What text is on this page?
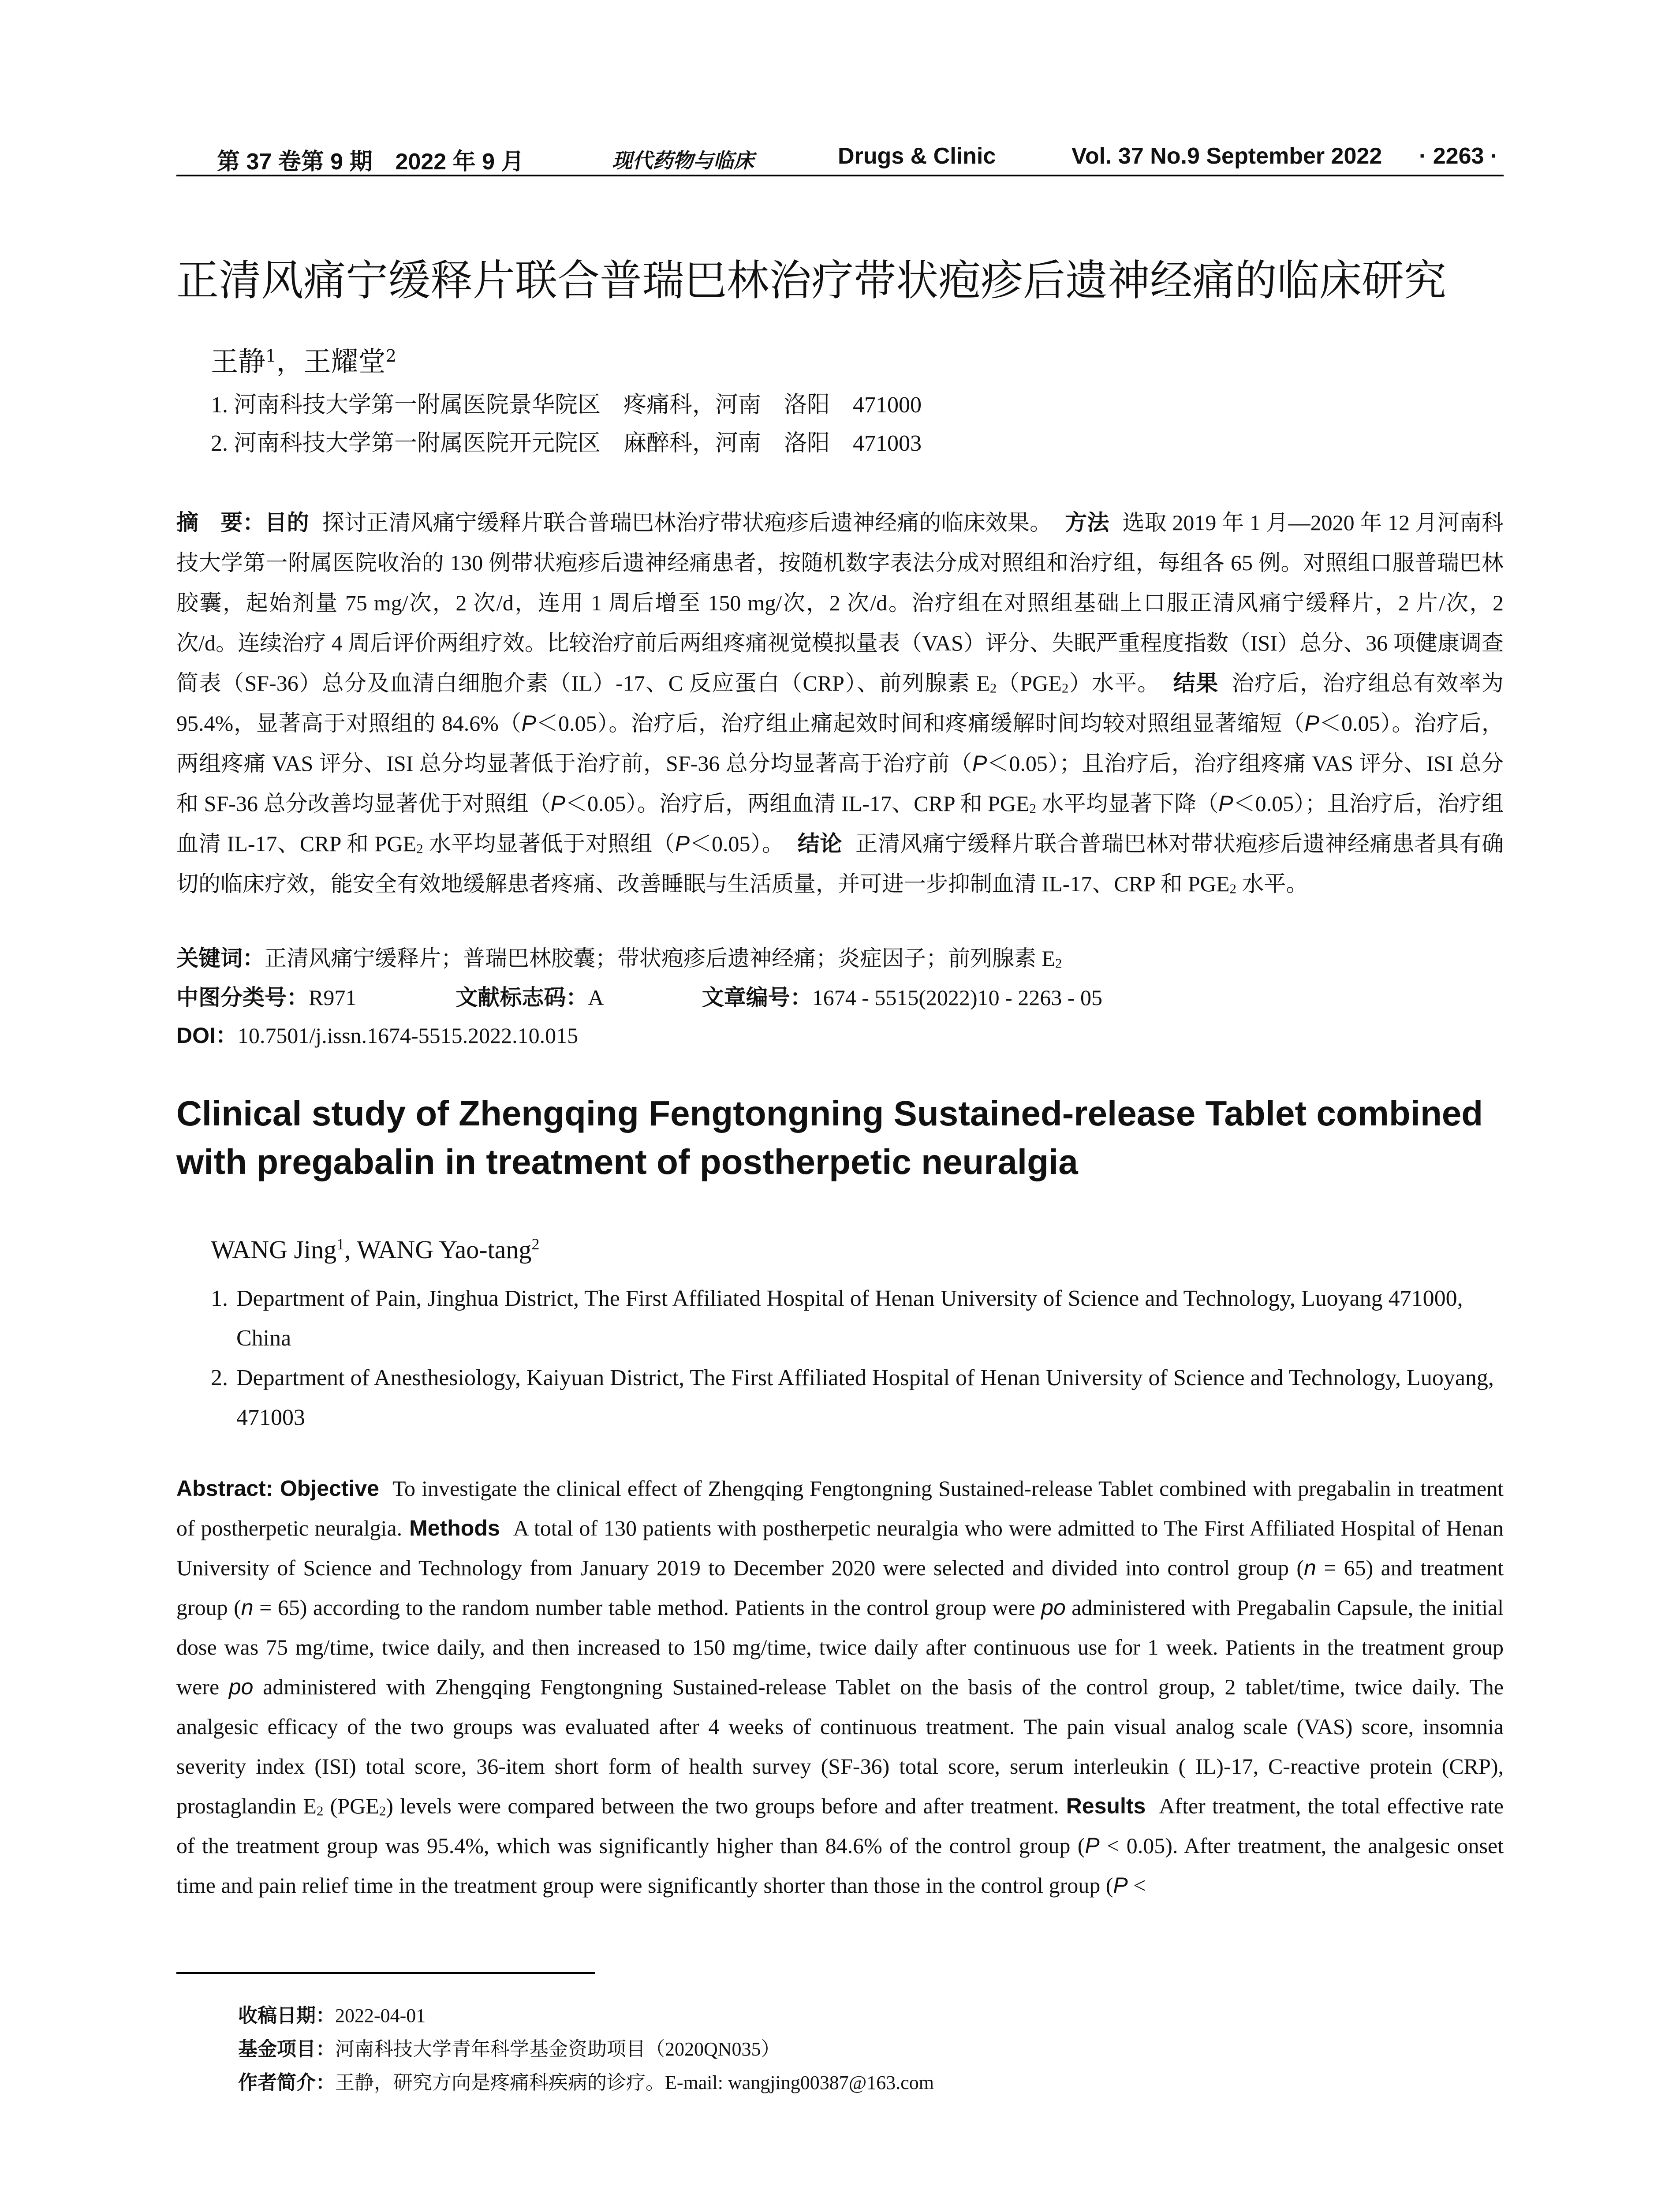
第 37 卷第 9 期　2022 年 9 月	现代药物与临床	Drugs & Clinic	Vol. 37 No.9 September 2022 · 2263 ·
正清风痛宁缓释片联合普瑞巴林治疗带状疱疹后遗神经痛的临床研究
王静$^1$，王耀堂$^2$
1. 河南科技大学第一附属医院景华院区　疼痛科，河南　洛阳　471000
2. 河南科技大学第一附属医院开元院区　麻醉科，河南　洛阳　471003
摘　要：目的 探讨正清风痛宁缓释片联合普瑞巴林治疗带状疱疹后遗神经痛的临床效果。 方法 选取 2019 年 1 月—2020 年 12 月河南科技大学第一附属医院收治的 130 例带状疱疹后遗神经痛患者，按随机数字表法分成对照组和治疗组，每组各 65 例。对照组口服普瑞巴林胶囊，起始剂量 75 mg/次，2 次/d，连用 1 周后增至 150 mg/次，2 次/d。治疗组在对照组基础上口服正清风痛宁缓释片，2 片/次，2 次/d。连续治疗 4 周后评价两组疗效。比较治疗前后两组疼痛视觉模拟量表（VAS）评分、失眠严重程度指数（ISI）总分、36 项健康调查简表（SF-36）总分及血清白细胞介素（IL）-17、C 反应蛋白（CRP）、前列腺素 $E_2(PGE_2)$水平。 结果 治疗后，治疗组总有效率为 95.4%，显著高于对照组的 84.6%（P＜0.05）。治疗后，治疗组止痛起效时间和疼痛缓解时间均较对照组显著缩短（P＜0.05）。治疗后，两组疼痛 VAS 评分、ISI 总分均显著低于治疗前，SF-36 总分均显著高于治疗前（P＜0.05）；且治疗后，治疗组疼痛 VAS 评分、ISI 总分和 SF-36 总分改善均显著优于对照组（P＜0.05）。治疗后，两组血清 IL-17、CRP 和 $PGE_2$ 水平均显著下降（P＜0.05）；且治疗后，治疗组血清 IL-17、CRP 和 $PGE_2$ 水平均显著低于对照组（P＜0.05）。 结论 正清风痛宁缓释片联合普瑞巴林对带状疱疹后遗神经痛患者具有确切的临床疗效，能安全有效地缓解患者疼痛、改善睡眠与生活质量，并可进一步抑制血清 IL-17、CRP 和 $PGE_2$ 水平。
关键词：正清风痛宁缓释片；普瑞巴林胶囊；带状疱疹后遗神经痛；炎症因子；前列腺素 $E_2$
中图分类号：R971	文献标志码：A	文章编号：1674 - 5515(2022)10 - 2263 - 05
DOI：10.7501/j.issn.1674-5515.2022.10.015
Clinical study of Zhengqing Fengtongning Sustained-release Tablet combined with pregabalin in treatment of postherpetic neuralgia
WANG Jing$^1$, WANG Yao-tang$^2$
1. Department of Pain, Jinghua District, The First Affiliated Hospital of Henan University of Science and Technology, Luoyang 471000, China
2. Department of Anesthesiology, Kaiyuan District, The First Affiliated Hospital of Henan University of Science and Technology, Luoyang, 471003
Abstract: Objective To investigate the clinical effect of Zhengqing Fengtongning Sustained-release Tablet combined with pregabalin in treatment of postherpetic neuralgia. Methods A total of 130 patients with postherpetic neuralgia who were admitted to The First Affiliated Hospital of Henan University of Science and Technology from January 2019 to December 2020 were selected and divided into control group (n = 65) and treatment group (n = 65) according to the random number table method. Patients in the control group were po administered with Pregabalin Capsule, the initial dose was 75 mg/time, twice daily, and then increased to 150 mg/time, twice daily after continuous use for 1 week. Patients in the treatment group were po administered with Zhengqing Fengtongning Sustained-release Tablet on the basis of the control group, 2 tablet/time, twice daily. The analgesic efficacy of the two groups was evaluated after 4 weeks of continuous treatment. The pain visual analog scale (VAS) score, insomnia severity index (ISI) total score, 36-item short form of health survey (SF-36) total score, serum interleukin ( IL)-17, C-reactive protein (CRP), prostaglandin $E_2$ $(PGE_2)$ levels were compared between the two groups before and after treatment. Results After treatment, the total effective rate of the treatment group was 95.4%, which was significantly higher than 84.6% of the control group (P < 0.05). After treatment, the analgesic onset time and pain relief time in the treatment group were significantly shorter than those in the control group (P <
收稿日期：2022-04-01
基金项目：河南科技大学青年科学基金资助项目（2020QN035）
作者简介：王静，研究方向是疼痛科疾病的诊疗。E-mail: wangjing00387@163.com
